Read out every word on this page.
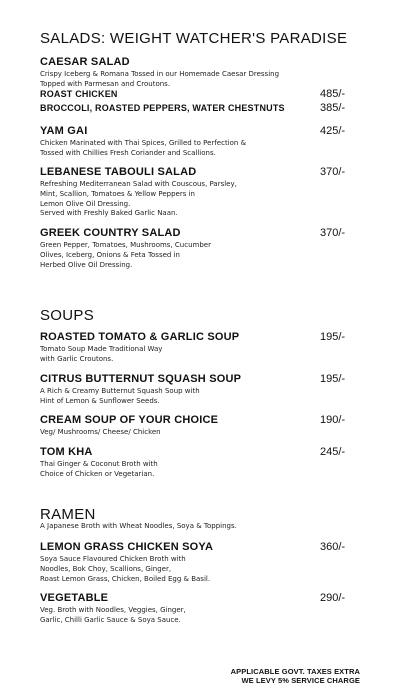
SALADS: WEIGHT WATCHER'S PARADISE
CAESAR SALAD
Crispy Iceberg & Romana Tossed in our Homemade Caesar Dressing
Topped with Parmesan and Croutons.
ROAST CHICKEN	485/-
BROCCOLI, ROASTED PEPPERS, WATER CHESTNUTS	385/-
YAM GAI
Chicken Marinated with Thai Spices, Grilled to Perfection &
Tossed with Chillies Fresh Coriander and Scallions.
425/-
LEBANESE TABOULI SALAD
Refreshing Mediterranean Salad with Couscous, Parsley,
Mint, Scallion, Tomatoes & Yellow Peppers in
Lemon Olive Oil Dressing.
Served with Freshly Baked Garlic Naan.
370/-
GREEK COUNTRY SALAD
Green Pepper, Tomatoes, Mushrooms, Cucumber
Olives, Iceberg, Onions & Feta Tossed in
Herbed Olive Oil Dressing.
370/-
SOUPS
ROASTED TOMATO & GARLIC SOUP
Tomato Soup Made Traditional Way
with Garlic Croutons.
195/-
CITRUS BUTTERNUT SQUASH SOUP
A Rich & Creamy Butternut Squash Soup with
Hint of Lemon & Sunflower Seeds.
195/-
CREAM SOUP OF YOUR CHOICE
Veg/ Mushrooms/ Cheese/ Chicken
190/-
TOM KHA
Thai Ginger & Coconut Broth with
Choice of Chicken or Vegetarian.
245/-
RAMEN
A Japanese Broth with Wheat Noodles, Soya & Toppings.
LEMON GRASS CHICKEN SOYA
Soya Sauce Flavoured Chicken Broth with
Noodles, Bok Choy, Scallions, Ginger,
Roast Lemon Grass, Chicken, Boiled Egg & Basil.
360/-
VEGETABLE
Veg. Broth with Noodles, Veggies, Ginger,
Garlic, Chilli Garlic Sauce & Soya Sauce.
290/-
APPLICABLE GOVT. TAXES EXTRA
WE LEVY 5% SERVICE CHARGE
